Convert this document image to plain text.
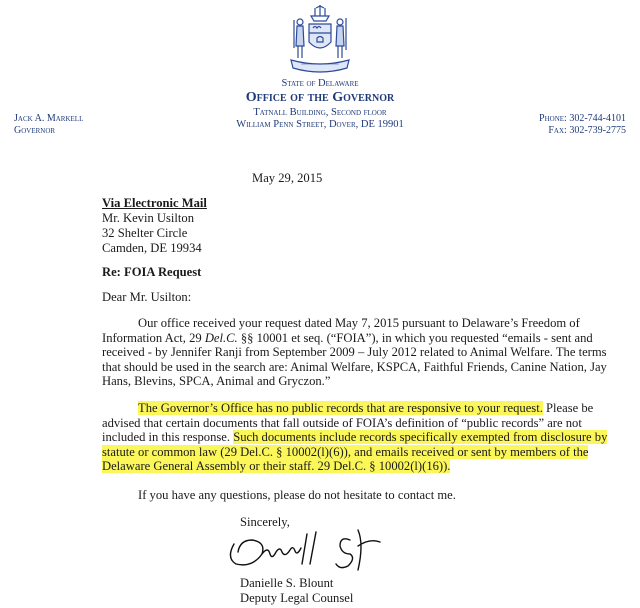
State of Delaware
Office of the Governor
Tatnall Building, Second floor
William Penn Street, Dover, DE 19901
Jack A. Markell
Governor
Phone: 302-744-4101
Fax: 302-739-2775
May 29, 2015
Via Electronic Mail
Mr. Kevin Usilton
32 Shelter Circle
Camden, DE 19934
Re: FOIA Request
Dear Mr. Usilton:
Our office received your request dated May 7, 2015 pursuant to Delaware’s Freedom of
Information Act, 29 Del.C. §§ 10001 et seq. (“FOIA”), in which you requested “emails - sent and
received - by Jennifer Ranji from September 2009 – July 2012 related to Animal Welfare. The terms
that should be used in the search are: Animal Welfare, KSPCA, Faithful Friends, Canine Nation, Jay
Hans, Blevins, SPCA, Animal and Gryczon.”
The Governor’s Office has no public records that are responsive to your request. Please be
advised that certain documents that fall outside of FOIA’s definition of “public records” are not
included in this response. Such documents include records specifically exempted from disclosure by
statute or common law (29 Del.C. § 10002(l)(6)), and emails received or sent by members of the
Delaware General Assembly or their staff. 29 Del.C. § 10002(l)(16)).
If you have any questions, please do not hesitate to contact me.
Sincerely,
Danielle S. Blount
Deputy Legal Counsel
